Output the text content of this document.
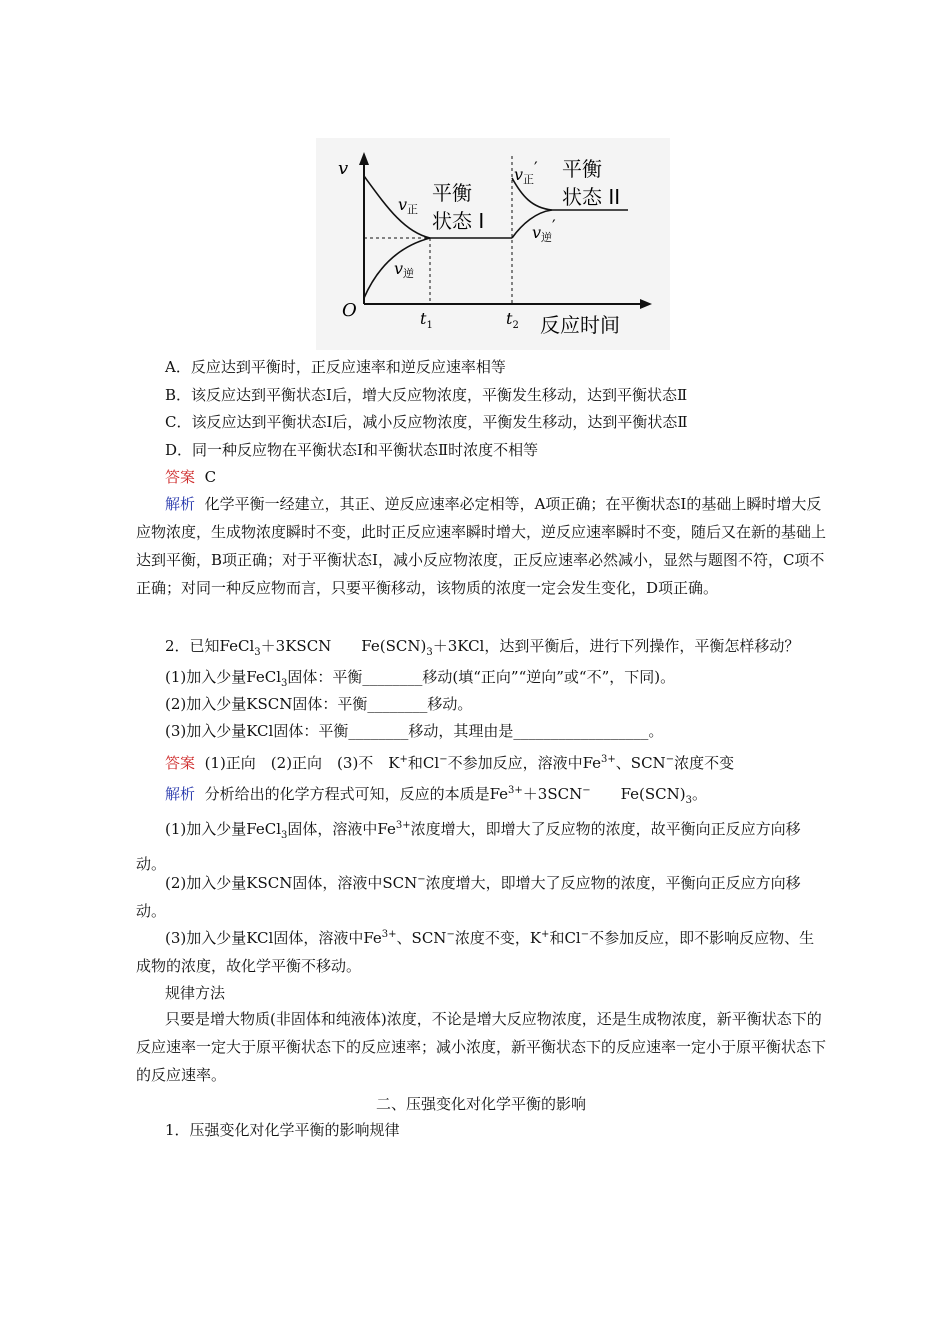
v
O	$t_1$	$t_2$ 反应时间
v正
v逆
平衡
状态 I
v正′
v逆′
平衡
状态 II
A．反应达到平衡时，正反应速率和逆反应速率相等
B．该反应达到平衡状态Ⅰ后，增大反应物浓度，平衡发生移动，达到平衡状态Ⅱ
C．该反应达到平衡状态Ⅰ后，减小反应物浓度，平衡发生移动，达到平衡状态Ⅱ
D．同一种反应物在平衡状态Ⅰ和平衡状态Ⅱ时浓度不相等
答案 C
解析 化学平衡一经建立，其正、逆反应速率必定相等，A项正确；在平衡状态Ⅰ的基础上瞬时增大反应物浓度，生成物浓度瞬时不变，此时正反应速率瞬时增大，逆反应速率瞬时不变，随后又在新的基础上达到平衡，B项正确；对于平衡状态Ⅰ，减小反应物浓度，正反应速率必然减小，显然与题图不符，C项不正确；对同一种反应物而言，只要平衡移动，该物质的浓度一定会发生变化，D项正确。
2．已知FeCl$_3$＋3KSCN　　$Fe(SCN)_3+3KCl$，达到平衡后，进行下列操作，平衡怎样移动？
(1)加入少量FeCl$_3$固体：平衡________移动(填“正向”“逆向”或“不”，下同)。
(2)加入少量KSCN固体：平衡________移动。
(3)加入少量KCl固体：平衡________移动，其理由是__________________。
答案 (1)正向　(2)正向　(3)不　K+和Cl−不参加反应，溶液中$Fe^{3+}$、SCN−浓度不变
解析 分析给出的化学方程式可知，反应的本质是$Fe^{3+}+3SCN^-$　　$Fe(SCN)_3$。
(1)加入少量FeCl$_3$固体，溶液中$Fe^{3+}$浓度增大，即增大了反应物的浓度，故平衡向正反应方向移动。
(2)加入少量KSCN固体，溶液中SCN−浓度增大，即增大了反应物的浓度，平衡向正反应方向移动。
(3)加入少量KCl固体，溶液中$Fe^{3+}$、SCN−浓度不变，K+和Cl−不参加反应，即不影响反应物、生成物的浓度，故化学平衡不移动。
规律方法
只要是增大物质(非固体和纯液体)浓度，不论是增大反应物浓度，还是生成物浓度，新平衡状态下的反应速率一定大于原平衡状态下的反应速率；减小浓度，新平衡状态下的反应速率一定小于原平衡状态下的反应速率。
二、压强变化对化学平衡的影响
1．压强变化对化学平衡的影响规律
